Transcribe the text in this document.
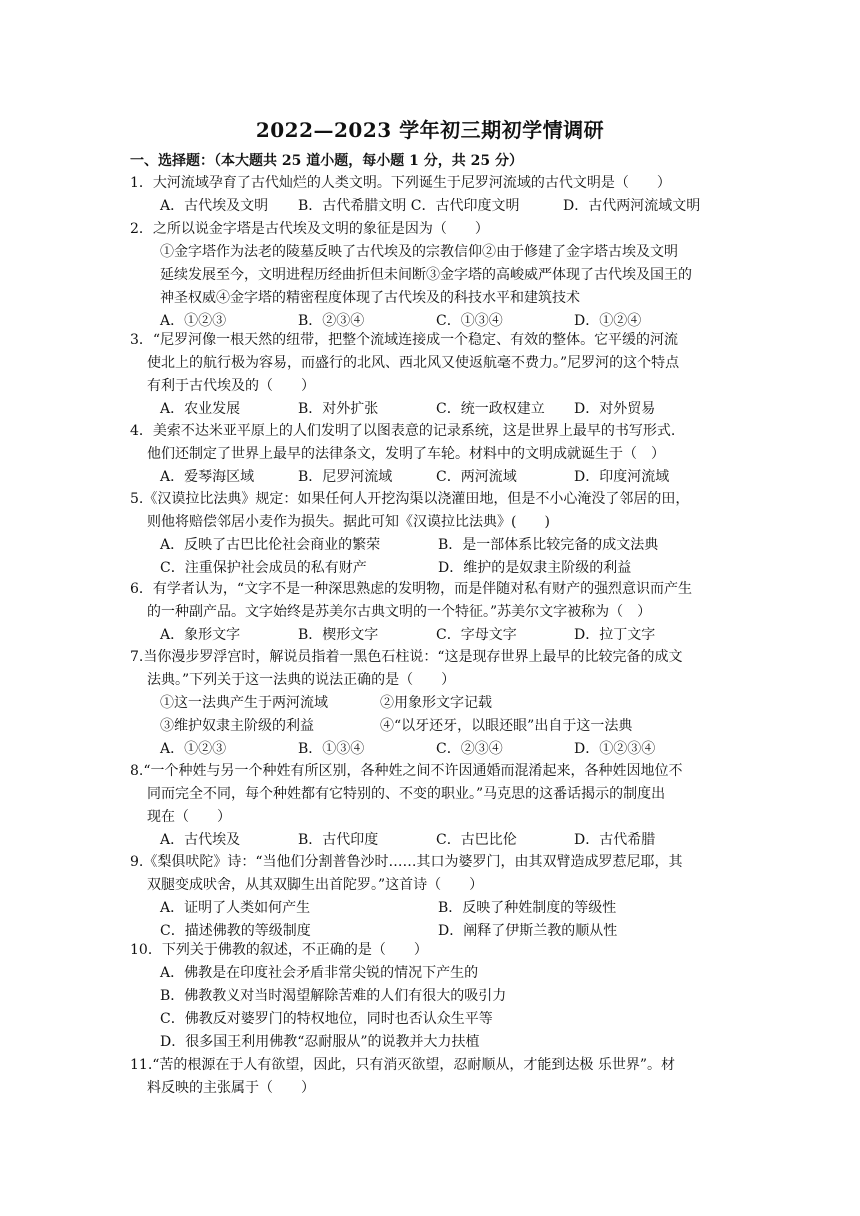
2022—2023 学年初三期初学情调研
一、选择题：（本大题共 25 道小题，每小题 1 分，共 25 分）
1．大河流域孕育了古代灿烂的人类文明。下列诞生于尼罗河流域的古代文明是（　　）
A．古代埃及文明	B．古代希腊文明 C．古代印度文明	D．古代两河流域文明
2．之所以说金字塔是古代埃及文明的象征是因为（　　）
①金字塔作为法老的陵墓反映了古代埃及的宗教信仰②由于修建了金字塔古埃及文明
延续发展至今，文明进程历经曲折但未间断③金字塔的高峻威严体现了古代埃及国王的
神圣权威④金字塔的精密程度体现了古代埃及的科技水平和建筑技术
A．①②③	B．②③④	C．①③④	D．①②④
3．“尼罗河像一根天然的纽带，把整个流域连接成一个稳定、有效的整体。它平缓的河流
使北上的航行极为容易，而盛行的北风、西北风又使返航毫不费力。”尼罗河的这个特点
有利于古代埃及的（　　）
A．农业发展	B．对外扩张	C．统一政权建立	D．对外贸易
4．美索不达米亚平原上的人们发明了以图表意的记录系统，这是世界上最早的书写形式.
他们还制定了世界上最早的法律条文，发明了车轮。材料中的文明成就诞生于（　）
A．爱琴海区域	B．尼罗河流域	C．两河流域	D．印度河流域
5.《汉谟拉比法典》规定：如果任何人开挖沟渠以浇灌田地，但是不小心淹没了邻居的田，
则他将赔偿邻居小麦作为损失。据此可知《汉谟拉比法典》(　　)
A．反映了古巴比伦社会商业的繁荣	B．是一部体系比较完备的成文法典
C．注重保护社会成员的私有财产	D．维护的是奴隶主阶级的利益
6．有学者认为，“文字不是一种深思熟虑的发明物，而是伴随对私有财产的强烈意识而产生
的一种副产品。文字始终是苏美尔古典文明的一个特征。”苏美尔文字被称为（　）
A．象形文字	B．楔形文字	C．字母文字	D．拉丁文字
7.当你漫步罗浮宫时，解说员指着一黑色石柱说：“这是现存世界上最早的比较完备的成文
法典。”下列关于这一法典的说法正确的是（　　）
①这一法典产生于两河流域	②用象形文字记载
③维护奴隶主阶级的利益	④“以牙还牙，以眼还眼”出自于这一法典
A．①②③	B．①③④	C．②③④	D．①②③④
8.“一个种姓与另一个种姓有所区别，各种姓之间不许因通婚而混淆起来，各种姓因地位不
同而完全不同，每个种姓都有它特别的、不变的职业。”马克思的这番话揭示的制度出
现在（　　）
A．古代埃及	B．古代印度	C．古巴比伦	D．古代希腊
9.《梨俱吠陀》诗：“当他们分割普鲁沙时……其口为婆罗门，由其双臂造成罗惹尼耶，其
双腿变成吠舍，从其双脚生出首陀罗。”这首诗（　　）
A．证明了人类如何产生	B．反映了种姓制度的等级性
C．描述佛教的等级制度	D．阐释了伊斯兰教的顺从性
10．下列关于佛教的叙述，不正确的是（　　）
A．佛教是在印度社会矛盾非常尖锐的情况下产生的
B．佛教教义对当时渴望解除苦难的人们有很大的吸引力
C．佛教反对婆罗门的特权地位，同时也否认众生平等
D．很多国王利用佛教“忍耐服从”的说教并大力扶植
11.“苦的根源在于人有欲望，因此，只有消灭欲望，忍耐顺从，才能到达极 乐世界”。材
料反映的主张属于（　　）
